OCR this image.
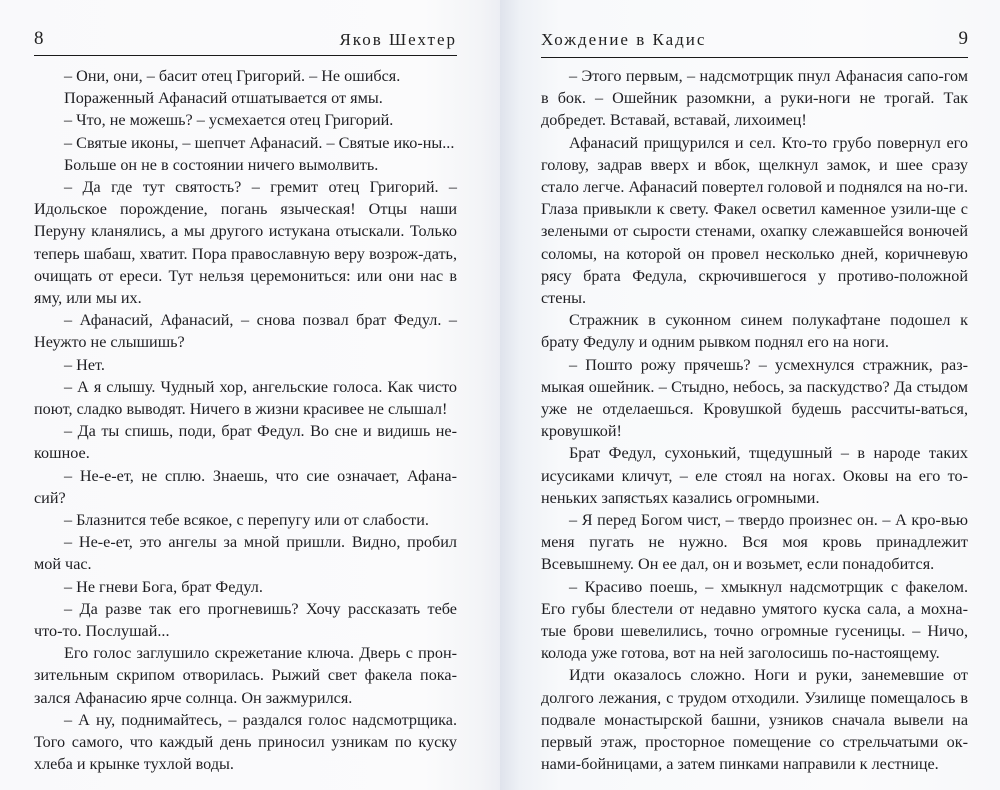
8	Яков Шехтер

– Они, они, – басит отец Григорий. – Не ошибся.

Пораженный Афанасий отшатывается от ямы.

– Что, не можешь? – усмехается отец Григорий.

– Святые иконы, – шепчет Афанасий. – Святые ико-ны...

Больше он не в состоянии ничего вымолвить.

– Да где тут святость? – гремит отец Григорий. – Идольское порождение, погань языческая! Отцы наши Перуну кланялись, а мы другого истукана отыскали. Только теперь шабаш, хватит. Пора православную веру возрож-дать, очищать от ереси. Тут нельзя церемониться: или они нас в яму, или мы их.

– Афанасий, Афанасий, – снова позвал брат Федул. – Неужто не слышишь?

– Нет.

– А я слышу. Чудный хор, ангельские голоса. Как чисто поют, сладко выводят. Ничего в жизни красивее не слышал!

– Да ты спишь, поди, брат Федул. Во сне и видишь не-кошное.

– Не-е-ет, не сплю. Знаешь, что сие означает, Афана-сий?

– Блазнится тебе всякое, с перепугу или от слабости.

– Не-е-ет, это ангелы за мной пришли. Видно, пробил мой час.

– Не гневи Бога, брат Федул.

– Да разве так его прогневишь? Хочу рассказать тебе что-то. Послушай...

Его голос заглушило скрежетание ключа. Дверь с прон-зительным скрипом отворилась. Рыжий свет факела пока-зался Афанасию ярче солнца. Он зажмурился.

– А ну, поднимайтесь, – раздался голос надсмотрщика. Того самого, что каждый день приносил узникам по куску хлеба и крынке тухлой воды.

Хождение в Кадис	9

– Этого первым, – надсмотрщик пнул Афанасия сапо-гом в бок. – Ошейник разомкни, а руки-ноги не трогай. Так добредет. Вставай, вставай, лихоимец!

Афанасий прищурился и сел. Кто-то грубо повернул его голову, задрав вверх и вбок, щелкнул замок, и шее сразу стало легче. Афанасий повертел головой и поднялся на но-ги. Глаза привыкли к свету. Факел осветил каменное узили-ще с зелеными от сырости стенами, охапку слежавшейся вонючей соломы, на которой он провел несколько дней, коричневую рясу брата Федула, скрючившегося у противо-положной стены.

Стражник в суконном синем полукафтане подошел к брату Федулу и одним рывком поднял его на ноги.

– Пошто рожу прячешь? – усмехнулся стражник, раз-мыкая ошейник. – Стыдно, небось, за паскудство? Да стыдом уже не отделаешься. Кровушкой будешь рассчиты-ваться, кровушкой!

Брат Федул, сухонький, тщедушный – в народе таких исусиками кличут, – еле стоял на ногах. Оковы на его то-неньких запястьях казались огромными.

– Я перед Богом чист, – твердо произнес он. – А кро-вью меня пугать не нужно. Вся моя кровь принадлежит Всевышнему. Он ее дал, он и возьмет, если понадобится.

– Красиво поешь, – хмыкнул надсмотрщик с факелом. Его губы блестели от недавно умятого куска сала, а мохна-тые брови шевелились, точно огромные гусеницы. – Ничо, колода уже готова, вот на ней заголосишь по-настоящему.

Идти оказалось сложно. Ноги и руки, занемевшие от долгого лежания, с трудом отходили. Узилище помещалось в подвале монастырской башни, узников сначала вывели на первый этаж, просторное помещение со стрельчатыми ок-нами-бойницами, а затем пинками направили к лестнице.
